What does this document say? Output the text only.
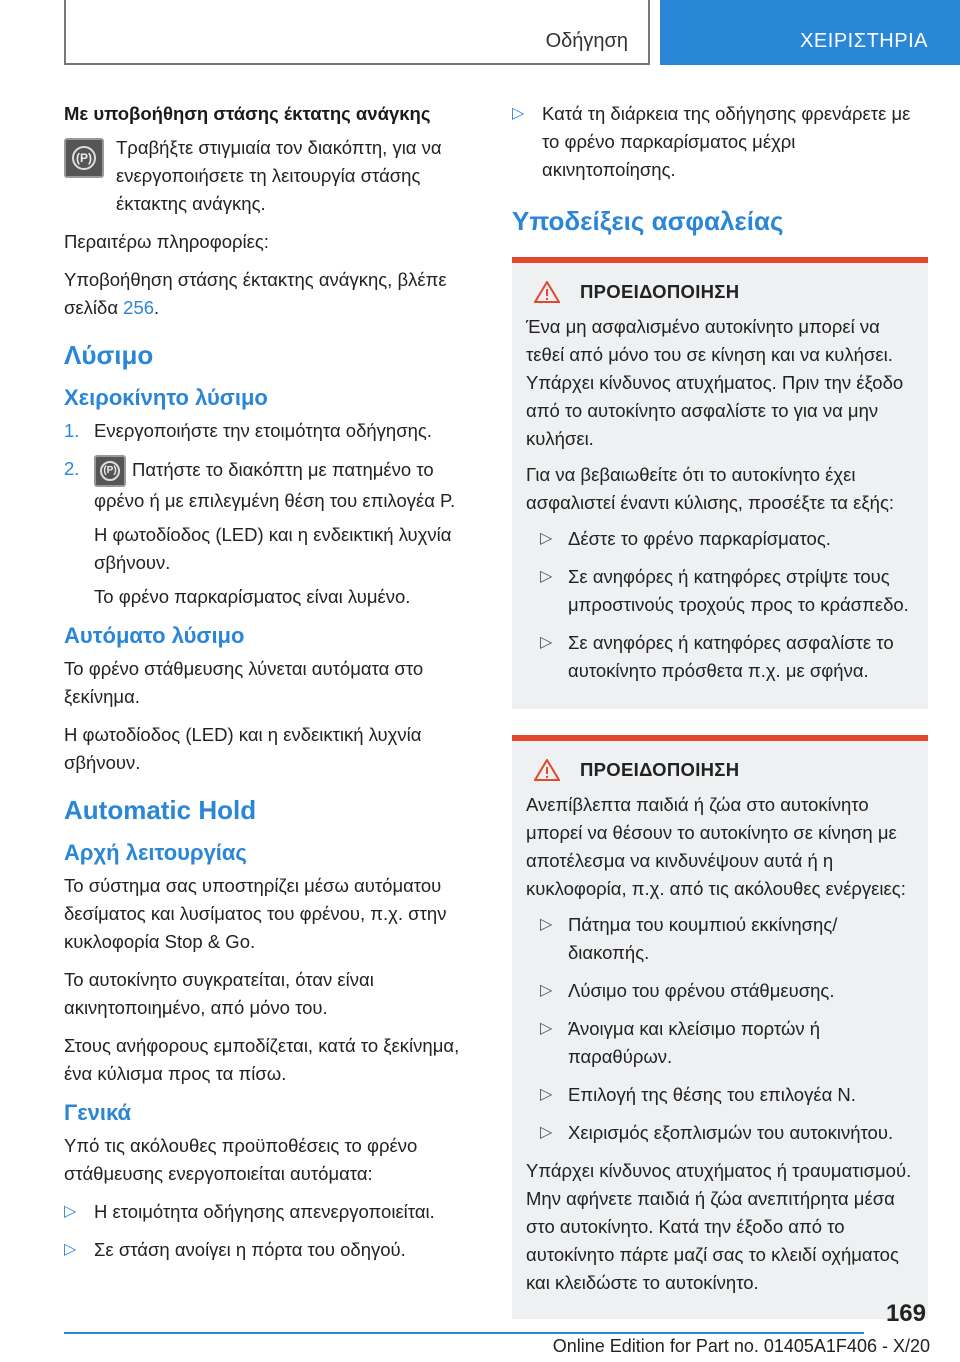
Οδήγηση	ΧΕΙΡΙΣΤΗΡΙΑ
Με υποβοήθηση στάσης έκτατης ανάγκης
(P) Τραβήξτε στιγμιαία τον διακόπτη, για να ενεργοποιήσετε τη λειτουργία στάσης έκτακτης ανάγκης.

Περαιτέρω πληροφορίες:

Υποβοήθηση στάσης έκτακτης ανάγκης, βλέπε σελίδα 256.

Λύσιμο
Χειροκίνητο λύσιμο
1. Ενεργοποιήστε την ετοιμότητα οδήγησης.

2.	(P) Πατήστε το διακόπτη με πατημένο το φρένο ή με επιλεγμένη θέση του επιλογέα P.

Η φωτοδίοδος (LED) και η ενδεικτική λυχνία σβήνουν.

Το φρένο παρκαρίσματος είναι λυμένο.

Αυτόματο λύσιμο

Το φρένο στάθμευσης λύνεται αυτόματα στο ξεκίνημα.

Η φωτοδίοδος (LED) και η ενδεικτική λυχνία σβήνουν.

Automatic Hold
Αρχή λειτουργίας

Το σύστημα σας υποστηρίζει μέσω αυτόματου δεσίματος και λυσίματος του φρένου, π.χ. στην κυκλοφορία Stop & Go.

Το αυτοκίνητο συγκρατείται, όταν είναι ακινητοποιημένο, από μόνο του.

Στους ανήφορους εμποδίζεται, κατά το ξεκίνημα, ένα κύλισμα προς τα πίσω.

Γενικά

Υπό τις ακόλουθες προϋποθέσεις το φρένο στάθμευσης ενεργοποιείται αυτόματα:

▷ Η ετοιμότητα οδήγησης απενεργοποιείται.
▷ Σε στάση ανοίγει η πόρτα του οδηγού.
▷ Κατά τη διάρκεια της οδήγησης φρενάρετε με το φρένο παρκαρίσματος μέχρι ακινητοποίησης.
Υποδείξεις ασφαλείας
ΠΡΟΕΙΔΟΠΟΙΗΣΗ

Ένα μη ασφαλισμένο αυτοκίνητο μπορεί να τεθεί από μόνο του σε κίνηση και να κυλήσει. Υπάρχει κίνδυνος ατυχήματος. Πριν την έξοδο από το αυτοκίνητο ασφαλίστε το για να μην κυλήσει.

Για να βεβαιωθείτε ότι το αυτοκίνητο έχει ασφαλιστεί έναντι κύλισης, προσέξτε τα εξής:

▷ Δέστε το φρένο παρκαρίσματος.
▷ Σε ανηφόρες ή κατηφόρες στρίψτε τους μπροστινούς τροχούς προς το κράσπεδο.
▷ Σε ανηφόρες ή κατηφόρες ασφαλίστε το αυτοκίνητο πρόσθετα π.χ. με σφήνα.
ΠΡΟΕΙΔΟΠΟΙΗΣΗ

Ανεπίβλεπτα παιδιά ή ζώα στο αυτοκίνητο μπορεί να θέσουν το αυτοκίνητο σε κίνηση με αποτέλεσμα να κινδυνέψουν αυτά ή η κυκλοφορία, π.χ. από τις ακόλουθες ενέργειες:

▷ Πάτημα του κουμπιού εκκίνησης/διακοπής.
▷ Λύσιμο του φρένου στάθμευσης.
▷ Άνοιγμα και κλείσιμο πορτών ή παραθύρων.
▷ Επιλογή της θέσης του επιλογέα N.
▷ Χειρισμός εξοπλισμών του αυτοκινήτου.

Υπάρχει κίνδυνος ατυχήματος ή τραυματισμού. Μην αφήνετε παιδιά ή ζώα ανεπιτήρητα μέσα στο αυτοκίνητο. Κατά την έξοδο από το αυτοκίνητο πάρτε μαζί σας το κλειδί οχήματος και κλειδώστε το αυτοκίνητο.

169
Online Edition for Part no. 01405A1F406 - X/20
